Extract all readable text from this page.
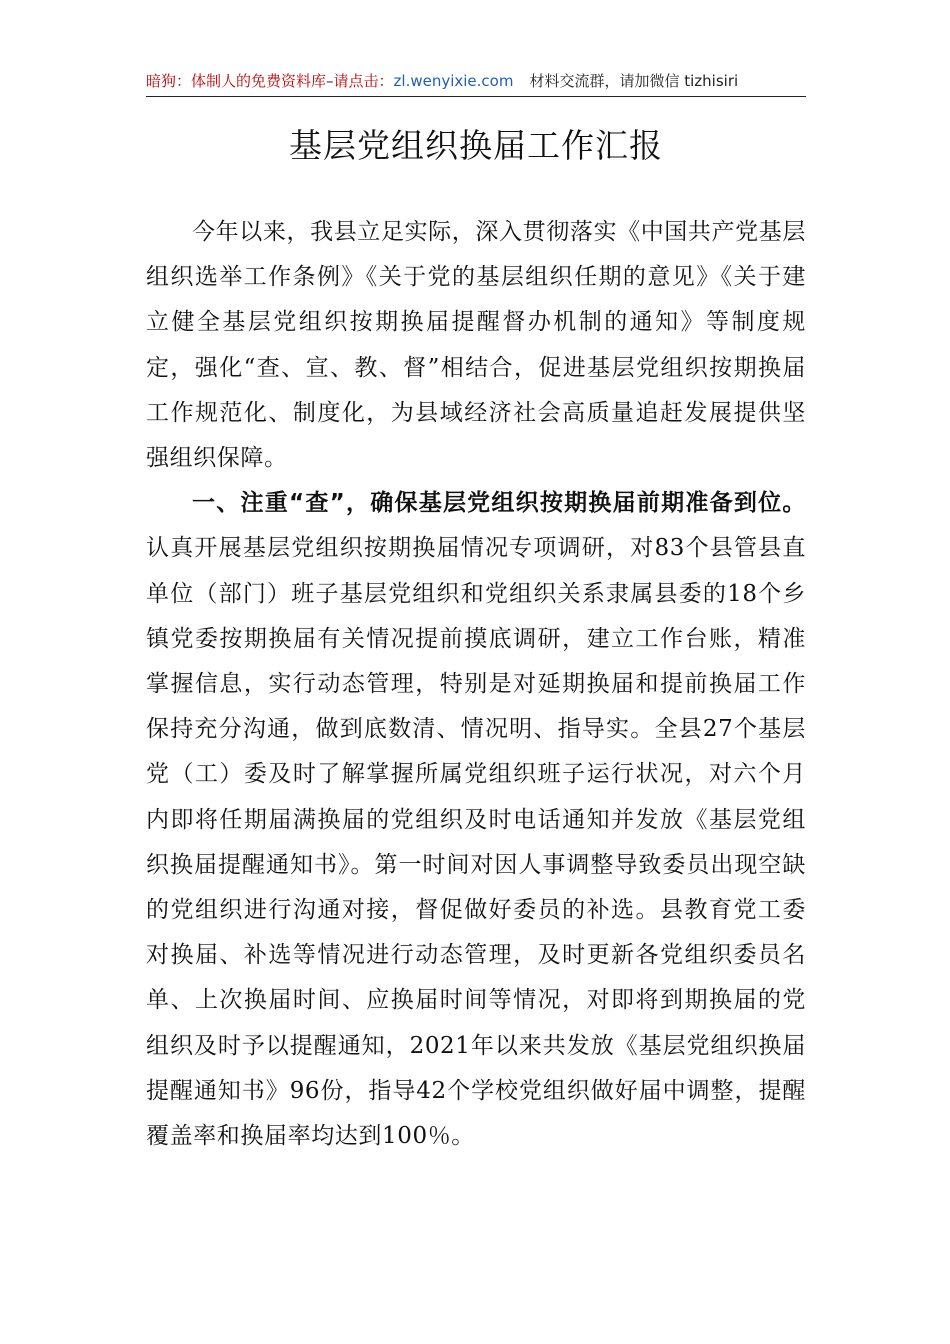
暗狗：体制人的免费资料库–请点击：zl.wenyixie.com 材料交流群，请加微信 tizhisiri
基层党组织换届工作汇报

今年以来，我县立足实际，深入贯彻落实《中国共产党基层组织选举工作条例》《关于党的基层组织任期的意见》《关于建立健全基层党组织按期换届提醒督办机制的通知》等制度规定，强化“查、宣、教、督”相结合，促进基层党组织按期换届工作规范化、制度化，为县域经济社会高质量追赶发展提供坚强组织保障。

一、注重“查”，确保基层党组织按期换届前期准备到位。认真开展基层党组织按期换届情况专项调研，对83个县管县直单位（部门）班子基层党组织和党组织关系隶属县委的18个乡镇党委按期换届有关情况提前摸底调研，建立工作台账，精准掌握信息，实行动态管理，特别是对延期换届和提前换届工作保持充分沟通，做到底数清、情况明、指导实。全县27个基层党（工）委及时了解掌握所属党组织班子运行状况，对六个月内即将任期届满换届的党组织及时电话通知并发放《基层党组织换届提醒通知书》。第一时间对因人事调整导致委员出现空缺的党组织进行沟通对接，督促做好委员的补选。县教育党工委对换届、补选等情况进行动态管理，及时更新各党组织委员名单、上次换届时间、应换届时间等情况，对即将到期换届的党组织及时予以提醒通知，2021年以来共发放《基层党组织换届提醒通知书》96份，指导42个学校党组织做好届中调整，提醒覆盖率和换届率均达到100％。
